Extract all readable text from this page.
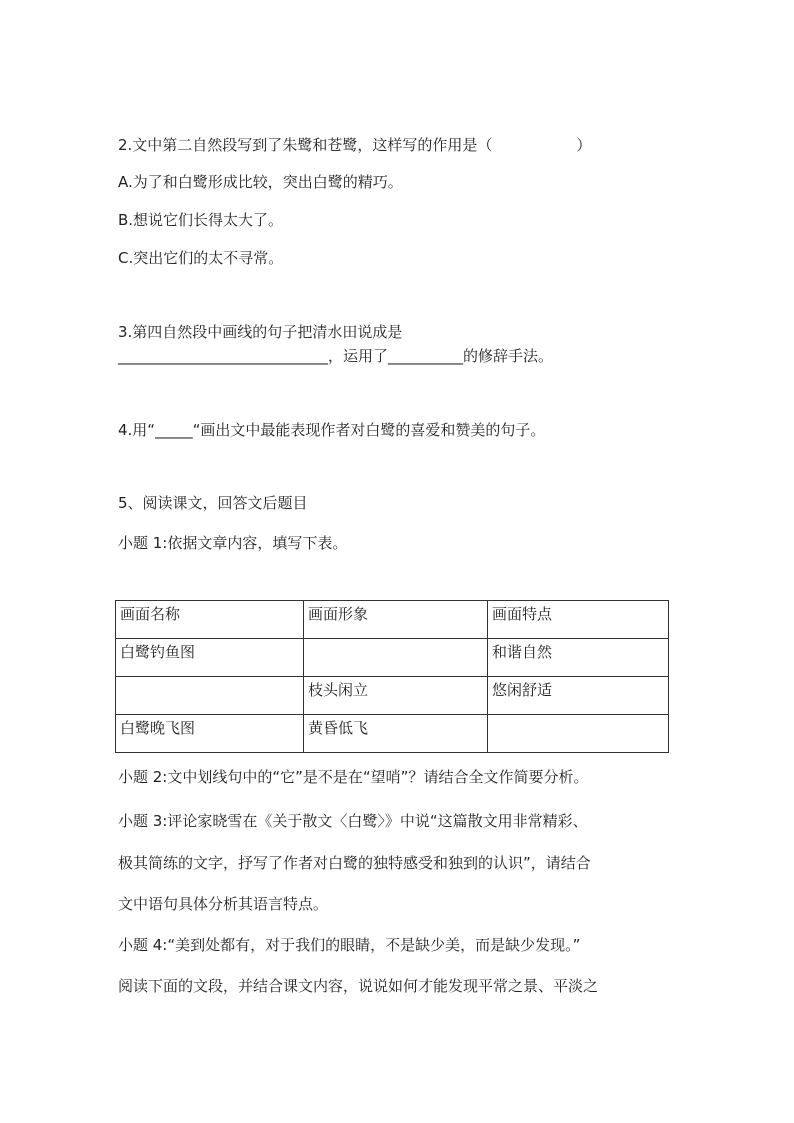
2.文中第二自然段写到了朱鹭和苍鹭，这样写的作用是（	）
A.为了和白鹭形成比较，突出白鹭的精巧。
B.想说它们长得太大了。
C.突出它们的太不寻常。
3.第四自然段中画线的句子把清水田说成是
____________________________，运用了__________的修辞手法。
4.用“_____“画出文中最能表现作者对白鹭的喜爱和赞美的句子。
5、阅读课文，回答文后题目
小题 1:依据文章内容，填写下表。
画面名称	画面形象	画面特点
白鹭钓鱼图		和谐自然
	枝头闲立	悠闲舒适
白鹭晚飞图	黄昏低飞	
小题 2:文中划线句中的“它”是不是在“望哨”？请结合全文作简要分析。
小题 3:评论家晓雪在《关于散文〈白鹭〉》中说“这篇散文用非常精彩、
极其简练的文字，抒写了作者对白鹭的独特感受和独到的认识”，请结合
文中语句具体分析其语言特点。
小题 4:“美到处都有，对于我们的眼睛，不是缺少美，而是缺少发现。”
阅读下面的文段，并结合课文内容，说说如何才能发现平常之景、平淡之
